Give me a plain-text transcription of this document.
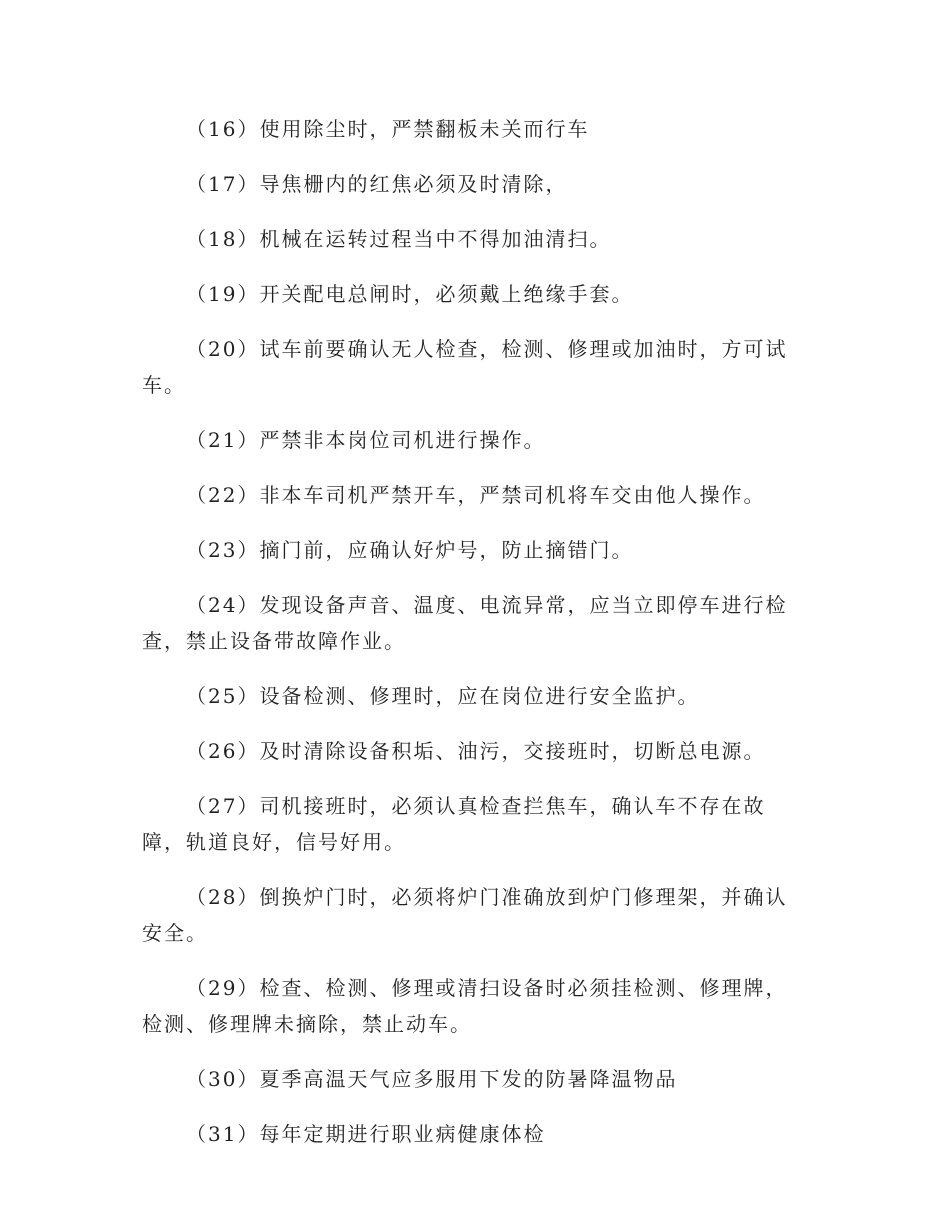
（16）使用除尘时，严禁翻板未关而行车

（17）导焦栅内的红焦必须及时清除，

（18）机械在运转过程当中不得加油清扫。

（19）开关配电总闸时，必须戴上绝缘手套。

（20）试车前要确认无人检查，检测、修理或加油时，方可试车。

（21）严禁非本岗位司机进行操作。

（22）非本车司机严禁开车，严禁司机将车交由他人操作。

（23）摘门前，应确认好炉号，防止摘错门。

（24）发现设备声音、温度、电流异常，应当立即停车进行检查，禁止设备带故障作业。

（25）设备检测、修理时，应在岗位进行安全监护。

（26）及时清除设备积垢、油污，交接班时，切断总电源。

（27）司机接班时，必须认真检查拦焦车，确认车不存在故障，轨道良好，信号好用。

（28）倒换炉门时，必须将炉门准确放到炉门修理架，并确认安全。

（29）检查、检测、修理或清扫设备时必须挂检测、修理牌，检测、修理牌未摘除，禁止动车。

（30）夏季高温天气应多服用下发的防暑降温物品

（31）每年定期进行职业病健康体检
